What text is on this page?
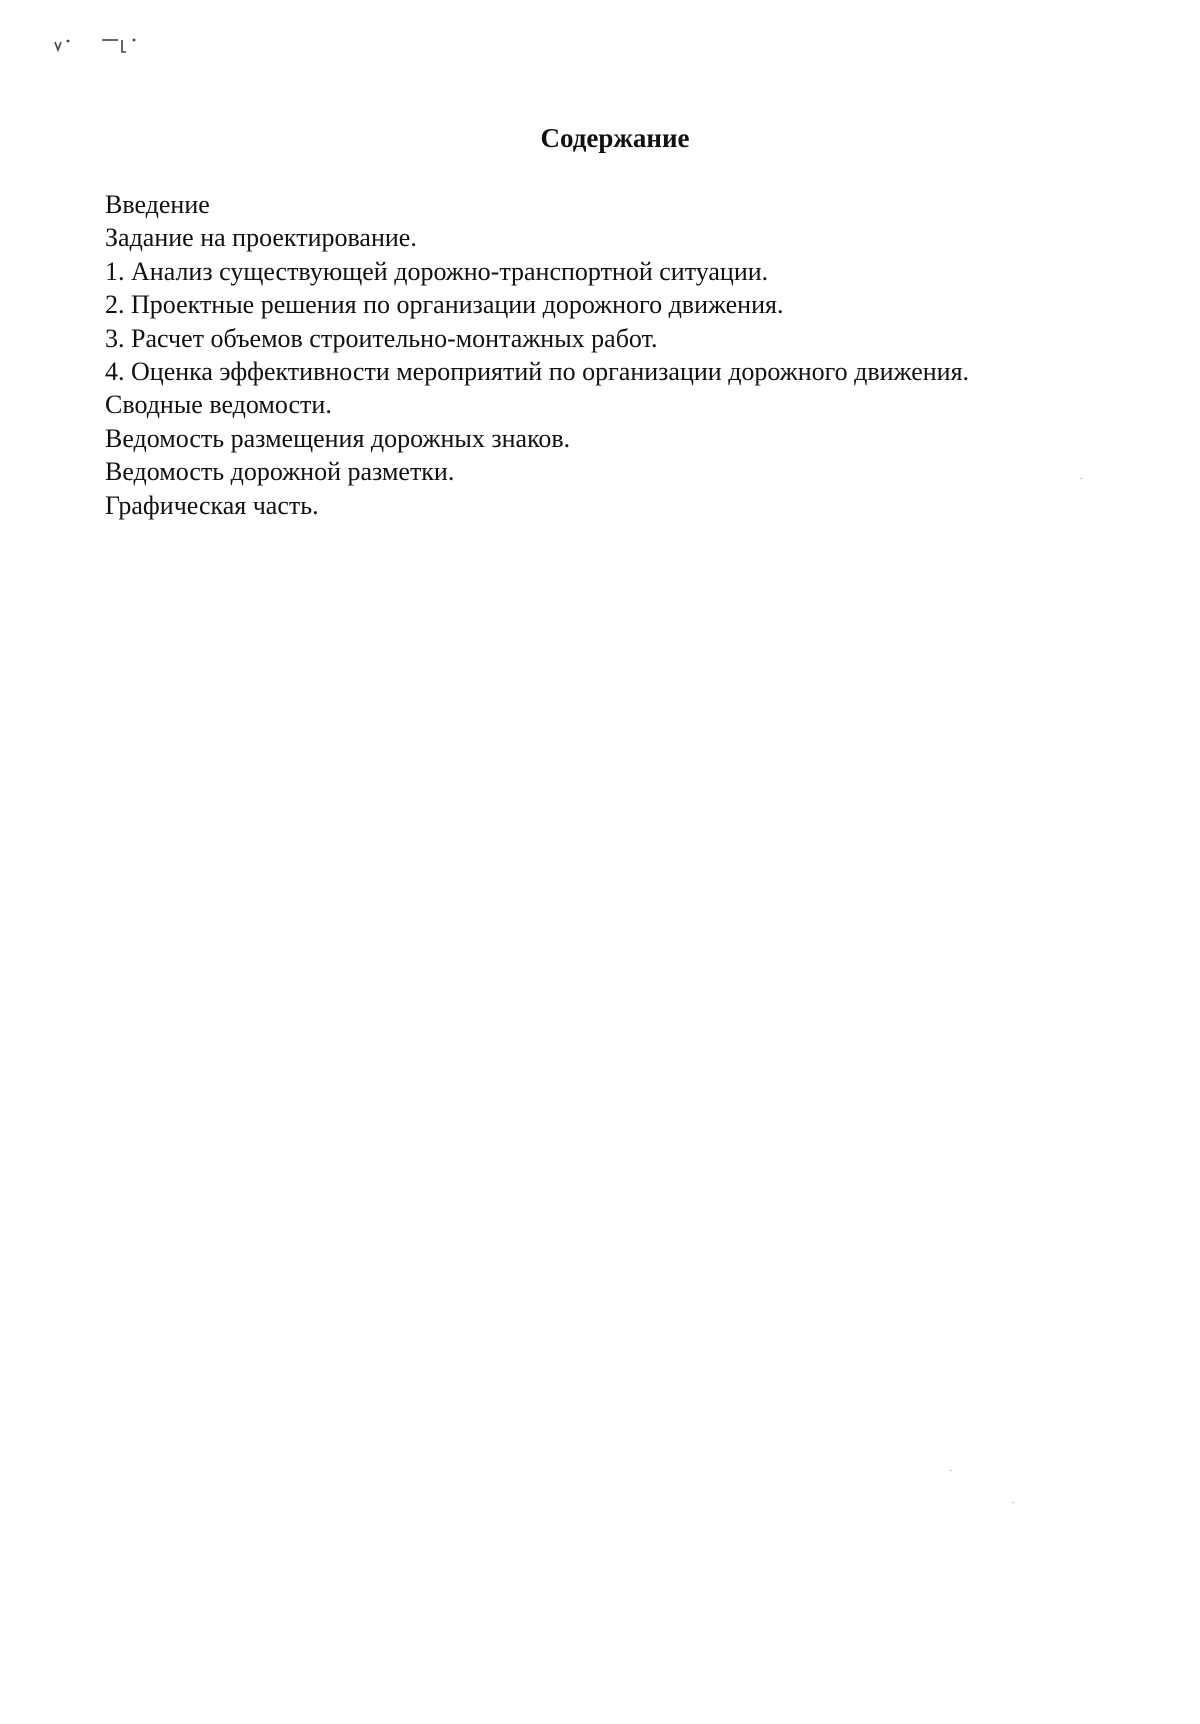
Содержание
Введение
Задание на проектирование.
1. Анализ существующей дорожно-транспортной ситуации.
2. Проектные решения по организации дорожного движения.
3. Расчет объемов строительно-монтажных работ.
4. Оценка эффективности мероприятий по организации дорожного движения.
Сводные ведомости.
Ведомость размещения дорожных знаков.
Ведомость дорожной разметки.
Графическая часть.
